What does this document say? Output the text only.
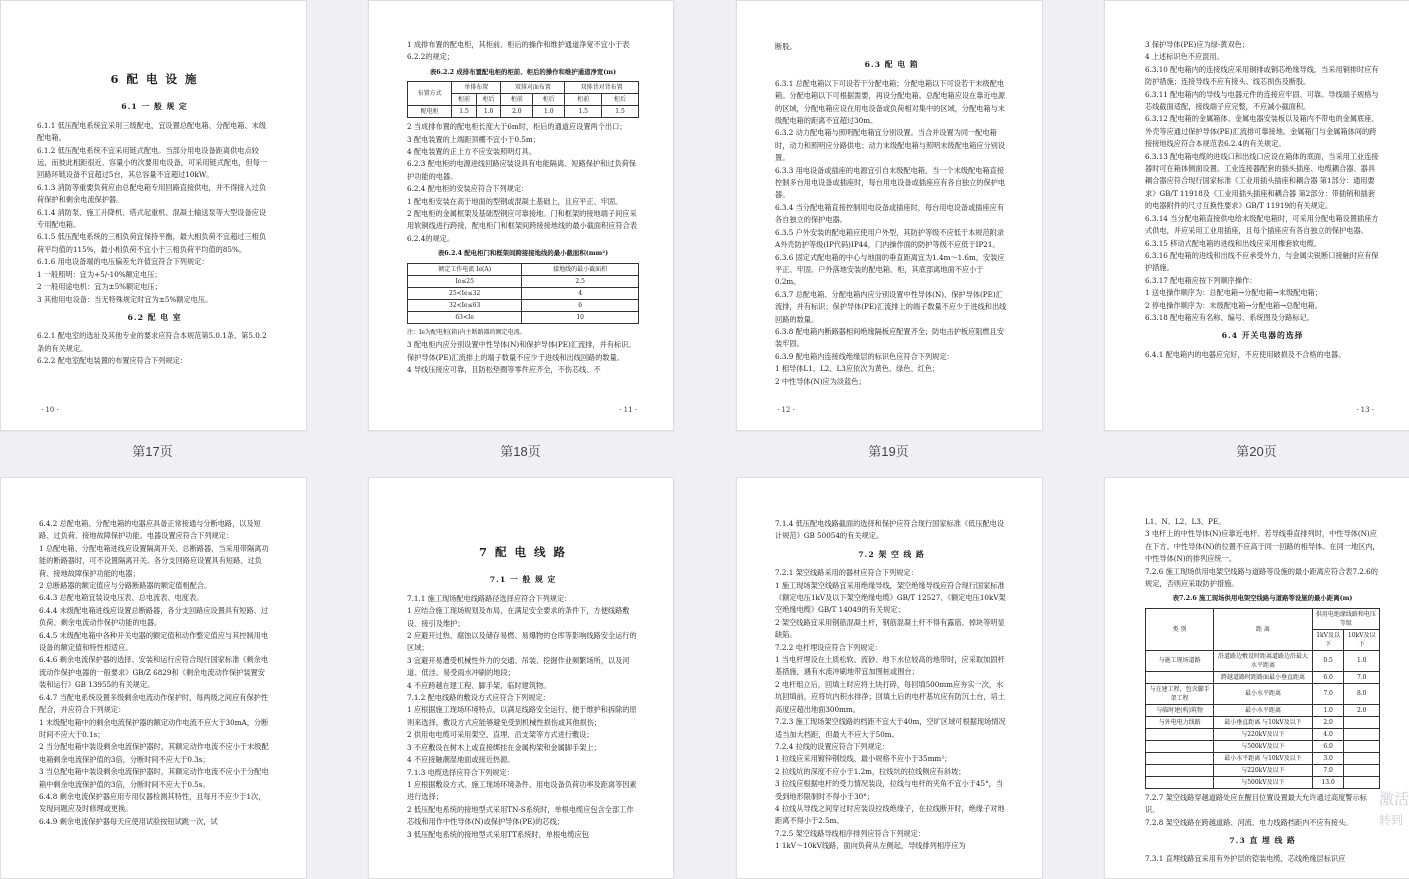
6 配 电 设 施

6.1 一 般 规 定

6.1.1 低压配电系统宜采用三级配电，宜设置总配电箱、分配电箱、末级配电箱。

6.1.2 低压配电系统不宜采用链式配电。当部分用电设备距离供电点较远，而彼此相距很近、容量小的次要用电设备，可采用链式配电，但每一回路环链设备不宜超过5台，其总容量不宜超过10kW。

6.1.3 消防等重要负荷应由总配电箱专用回路直接供电，并不得接入过负荷保护和剩余电流保护器。

6.1.4 消防泵、施工升降机、塔式起重机、混凝土输送泵等大型设备应设专用配电箱。

6.1.5 低压配电系统的三相负荷宜保持平衡，最大相负荷不宜超过三相负荷平均值的115%，最小相负荷不宜小于三相负荷平均值的85%。

6.1.6 用电设备端的电压偏差允许值宜符合下列规定：

1 一般照明：宜为+5/-10%额定电压；

2 一般用途电机：宜为±5%额定电压；

3 其他用电设备：当无特殊规定时宜为±5%额定电压。

6.2 配 电 室

6.2.1 配电室的选址及其他专业的要求应符合本规范第5.0.1条、第5.0.2条的有关规定。

6.2.2 配电室配电装置的布置应符合下列规定：

· 10 ·
第17页

1 成排布置的配电柜，其柜前、柜后的操作和维护通道净宽不宜小于表6.2.2的规定；

表6.2.2 成排布置配电柜的柜前、柜后的操作和维护通道净宽(m)

布置方式	单排布置		双排对面布置		双排背对背布置	
	柜前	柜后	柜前	柜后	柜前	柜后
配电柜	1.5	1.0	2.0	1.0	1.5	1.5

2 当成排布置的配电柜长度大于6m时，柜后的通道应设置两个出口；

3 配电装置的上端距顶棚不宜小于0.5m；

4 配电装置的正上方不应安装照明灯具。

6.2.3 配电柜的电源进线回路应装设具有电能隔离、短路保护和过负荷保护功能的电器。

6.2.4 配电柜的安装应符合下列规定：

1 配电柜安装在高于地面的型钢或混凝土基础上，且应平正、牢固。

2 配电柜的金属框架及基础型钢应可靠接地。门和框架的接地端子间应采用软铜线进行跨接，配电柜门和框架间跨接接地线的最小截面积应符合表6.2.4的规定。

表6.2.4 配电柜门和框架间跨接接地线的最小截面积(mm²)

额定工作电流 Ie(A)	接地线的最小截面积
Ie≤25	2.5
25<Ie≤32	4
32<Ie≤63	6
63<Ie	10

注：Ie为配电柜(箱)内主断路器的额定电流。

3 配电柜内应分别设置中性导体(N)和保护导体(PE)汇流排，并有标识。保护导体(PE)汇流排上的端子数量不应少于进线和出线回路的数量。

4 导线压接应可靠，且防松垫圈等零件应齐全，不伤芯线、不

· 11 ·
第18页

断股。

6.3 配 电 箱

6.3.1 总配电箱以下可设若干分配电箱；分配电箱以下可设若干末级配电箱。分配电箱以下可根据需要，再设分配电箱。总配电箱应设在靠近电源的区域，分配电箱应设在用电设备或负荷相对集中的区域，分配电箱与末级配电箱的距离不宜超过30m。

6.3.2 动力配电箱与照明配电箱宜分别设置。当合并设置为同一配电箱时，动力和照明应分路供电；动力末级配电箱与照明末级配电箱应分别设置。

6.3.3 用电设备或插座的电源宜引自末级配电箱，当一个末级配电箱直接控制多台用电设备或插座时，每台用电设备或插座应有各自独立的保护电器。

6.3.4 当分配电箱直接控制用电设备或插座时，每台用电设备或插座应有各自独立的保护电器。

6.3.5 户外安装的配电箱应使用户外型，其防护等级不应低于本规范附录A外壳防护等级(IP代码)IP44，门内操作面的防护等级不应低于IP21。

6.3.6 固定式配电箱的中心与地面的垂直距离宜为1.4m～1.6m，安装应平正、牢固。户外落地安装的配电箱、柜，其底部离地面不应小于0.2m。

6.3.7 总配电箱、分配电箱内应分别设置中性导体(N)、保护导体(PE)汇流排，并有标识；保护导体(PE)汇流排上的端子数量不应少于进线和出线回路的数量。

6.3.8 配电箱内断路器相间绝缘隔板应配置齐全；防电击护板应阻燃且安装牢固。

6.3.9 配电箱内连接线绝缘层的标识色应符合下列规定：

1 相导体L1、L2、L3应依次为黄色、绿色、红色；

2 中性导体(N)应为淡蓝色；

· 12 ·
第19页

3 保护导体(PE)应为绿-黄双色；

4 上述标识色不应混用。

6.3.10 配电箱内的连接线应采用铜排或铜芯绝缘导线，当采用铜排时应有防护措施；连接导线不应有接头、线芯损伤及断股。

6.3.11 配电箱内的导线与电器元件的连接应牢固、可靠。导线端子规格与芯线截面适配，接线端子应完整，不应减小截面积。

6.3.12 配电箱的金属箱体、金属电器安装板以及箱内不带电的金属底座、外壳等应通过保护导体(PE)汇流排可靠接地。金属箱门与金属箱体间的跨接接地线应符合本规范表6.2.4的有关规定。

6.3.13 配电箱电缆的进线口和出线口应设在箱体的底面，当采用工业连接器时可在箱体侧面设置。工业连接器配套的插头插座、电缆耦合器、器具耦合器应符合现行国家标准《工业用插头插座和耦合器 第1部分：通用要求》GB/T 11918及《工业用插头插座和耦合器 第2部分：带插销和插套的电器附件的尺寸互换性要求》GB/T 11919的有关规定。

6.3.14 当分配电箱直接供电给末级配电箱时，可采用分配电箱设置插座方式供电，并应采用工业用插座，且每个插座应有各自独立的保护电器。

6.3.15 移动式配电箱的进线和出线应采用橡套软电缆。

6.3.16 配电箱的进线和出线不应承受外力，与金属尖锐断口接触时应有保护措施。

6.3.17 配电箱应按下列顺序操作：

1 送电操作顺序为：总配电箱→分配电箱→末级配电箱；

2 停电操作顺序为：末级配电箱→分配电箱→总配电箱。

6.3.18 配电箱应有名称、编号、系统图及分路标记。

6.4 开关电器的选择

6.4.1 配电箱内的电器应完好，不应使用破损及不合格的电器。

· 13 ·
第20页

6.4.2 总配电箱、分配电箱的电器应具备正常接通与分断电路，以及短路、过负荷、接地故障保护功能。电器设置应符合下列规定：

1 总配电箱、分配电箱进线应设置隔离开关、总断路器，当采用带隔离功能的断路器时，可不设置隔离开关。各分支回路应设置具有短路、过负荷、接地故障保护功能的电器；

2 总断路器的额定值应与分路断路器的额定值相配合。

6.4.3 总配电箱宜装设电压表、总电流表、电度表。

6.4.4 末级配电箱进线应设置总断路器，各分支回路应设置具有短路、过负荷、剩余电流动作保护功能的电器。

6.4.5 末级配电箱中各种开关电器的额定值和动作整定值应与其控制用电设备的额定值和特性相适应。

6.4.6 剩余电流保护器的选择、安装和运行应符合现行国家标准《剩余电流动作保护电器的一般要求》GB/Z 6829和《剩余电流动作保护装置安装和运行》GB 13955的有关规定。

6.4.7 当配电系统设置多级剩余电流动作保护时，每两级之间应有保护性配合，并应符合下列规定：

1 末级配电箱中的剩余电流保护器的额定动作电流不应大于30mA，分断时间不应大于0.1s；

2 当分配电箱中装设剩余电流保护器时，其额定动作电流不应小于末级配电箱剩余电流保护值的3倍，分断时间不应大于0.3s；

3 当总配电箱中装设剩余电流保护器时，其额定动作电流不应小于分配电箱中剩余电流保护值的3倍，分断时间不应大于0.5s。

6.4.8 剩余电流保护器应用专用仪器检测其特性，且每月不应少于1次，发现问题应及时修理或更换。

6.4.9 剩余电流保护器每天应使用试验按钮试跳一次，试

7 配 电 线 路

7.1 一 般 规 定

7.1.1 施工现场配电线路路径选择应符合下列规定：

1 应结合施工现场规划及布局，在满足安全要求的条件下，方便线路敷设、接引及维护；

2 应避开过热、腐蚀以及储存易燃、易爆物的仓库等影响线路安全运行的区域；

3 宜避开易遭受机械性外力的交通、吊装、挖掘作业频繁场所，以及河道、低洼、易受雨水冲刷的地段；

4 不应跨越在建工程、脚手架、临时建筑物。

7.1.2 配电线路的敷设方式应符合下列规定：

1 应根据施工现场环境特点，以满足线路安全运行、便于维护和拆除的原则来选择，敷设方式应能够避免受到机械性损伤或其他损伤；

2 供用电电缆可采用架空、直埋、沿支架等方式进行敷设；

3 不应敷设在树木上或直接绑挂在金属构架和金属脚手架上；

4 不应接触潮湿地面或接近热源。

7.1.3 电缆选择应符合下列规定：

1 应根据敷设方式、施工现场环境条件、用电设备负荷功率及距离等因素进行选择；

2 低压配电系统的接地型式采用TN-S系统时，单根电缆应包含全部工作芯线和用作中性导体(N)或保护导体(PE)的芯线；

3 低压配电系统的接地型式采用TT系统时，单根电缆应包

7.1.4 低压配电线路截面的选择和保护应符合现行国家标准《低压配电设计规范》GB 50054的有关规定。

7.2 架 空 线 路

7.2.1 架空线路采用的器材应符合下列规定：

1 施工现场架空线路宜采用绝缘导线，架空绝缘导线应符合现行国家标准《额定电压1kV及以下架空绝缘电缆》GB/T 12527、《额定电压10kV架空绝缘电缆》GB/T 14049的有关规定；

2 架空线路宜采用钢筋混凝土杆，钢筋混凝土杆不得有露筋、掉块等明显缺陷。

7.2.2 电杆埋设应符合下列规定：

1 当电杆埋设在土质松软、流砂、地下水位较高的地带时，应采取加固杆基措施，遇有水流冲刷地带宜加围桩或围台；

2 电杆组立后，回填土时应将土块打碎，每回填500mm应夯实一次，水坑回填前，应将坑内积水排净；回填土后的电杆基坑应有防沉土台，培土高度应超出地面300mm。

7.2.3 施工现场架空线路的档距不宜大于40m，空旷区域可根据现场情况适当加大档距，但最大不应大于50m。

7.2.4 拉线的设置应符合下列规定：

1 拉线应采用镀锌钢绞线，最小规格不应小于35mm²；

2 拉线坑的深度不应小于1.2m，拉线坑的拉线侧应有斜坡；

3 拉线应根据电杆的受力情况装设，拉线与电杆的夹角不宜小于45°，当受到地形限制时不得小于30°；

4 拉线从导线之间穿过时应装设拉线绝缘子，在拉线断开时，绝缘子对地距离不得小于2.5m。

7.2.5 架空线路导线相序排列应符合下列规定：

1 1kV～10kV线路，面向负荷从左侧起，导线排列相序应为

L1、N、L2、L3、PE。

3 电杆上的中性导体(N)应靠近电杆。若导线垂直排列时，中性导体(N)应在下方。中性导体(N)的位置不应高于同一回路的相导体。在同一地区内，中性导体(N)的排列应统一。

7.2.6 施工现场供用电架空线路与道路等设施的最小距离应符合表7.2.6的规定，否则应采取防护措施。

表7.2.6 施工现场供用电架空线路与道路等设施的最小距离(m)

类 别	距 离	供用电绝缘线路和电压等级	
		1kV及以下	10kV及以下
与施工现场道路	沿道路边敷设时距离道路边沿最大水平距离	0.5	1.0
	跨越道路时距路面最小垂直距离	6.0	7.0
与在建工程，包含脚手架工程	最小水平距离	7.0	8.0
与临时建(构)筑物	最小水平距离	1.0	2.0
与外电电力线路	最小垂直距离 与10kV及以下	2.0	
	与220kV及以下	4.0	
	与500kV及以下	6.0	
	最小水平距离 与10kV及以下	3.0	
	与220kV及以下	7.0	
	与500kV及以下	13.0	

7.2.7 架空线路穿越道路处应在醒目位置设置最大允许通过高度警示标识。

7.2.8 架空线路在跨越道路、河流、电力线路档距内不应有接头。

7.3 直 埋 线 路

7.3.1 直埋线路宜采用有外护层的铠装电缆，芯线绝缘层标识应

激活
转到
